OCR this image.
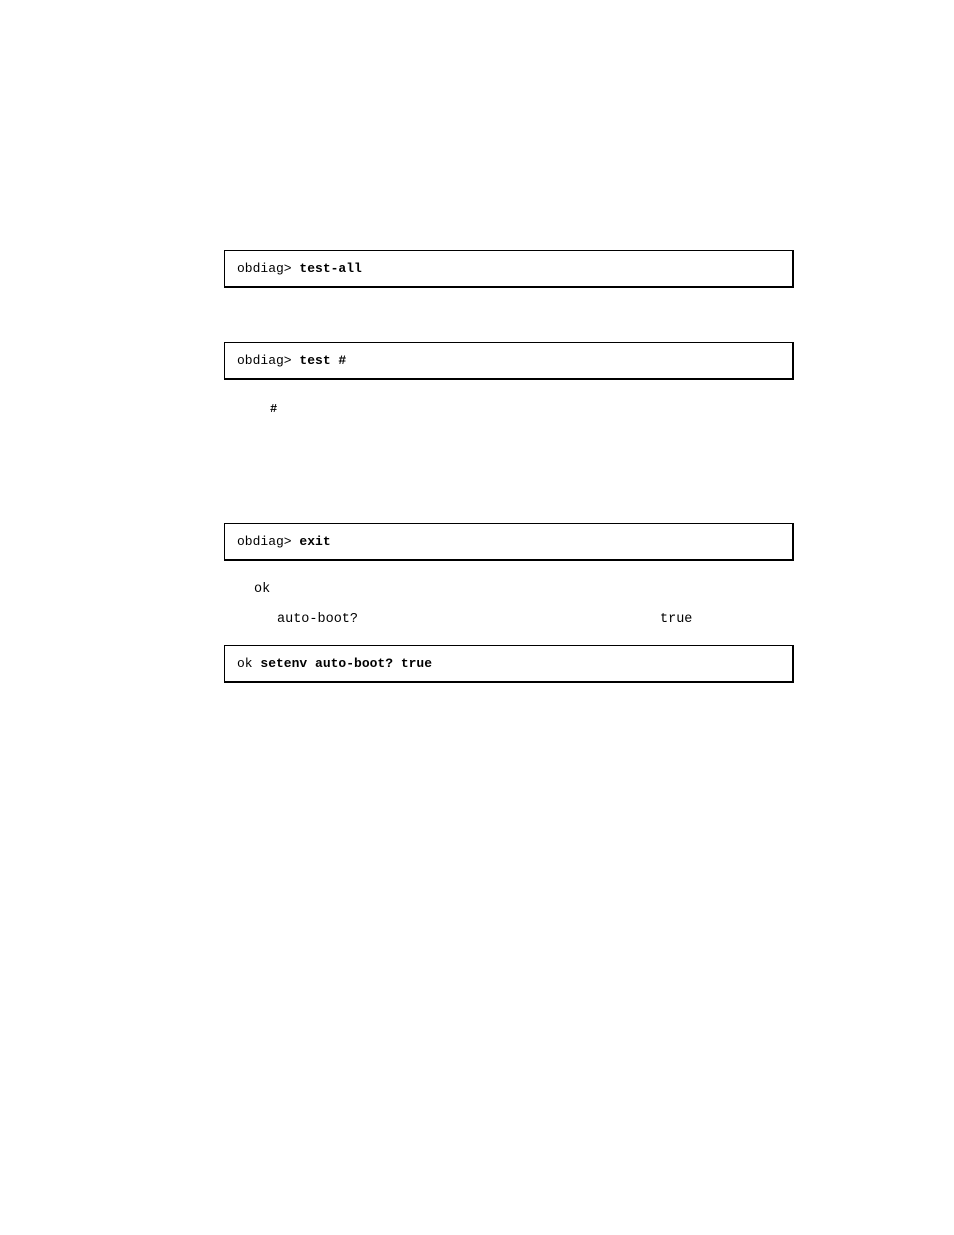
obdiag> test-all
obdiag> test #
#
obdiag> exit
ok
auto-boot?	true
ok setenv auto-boot? true
